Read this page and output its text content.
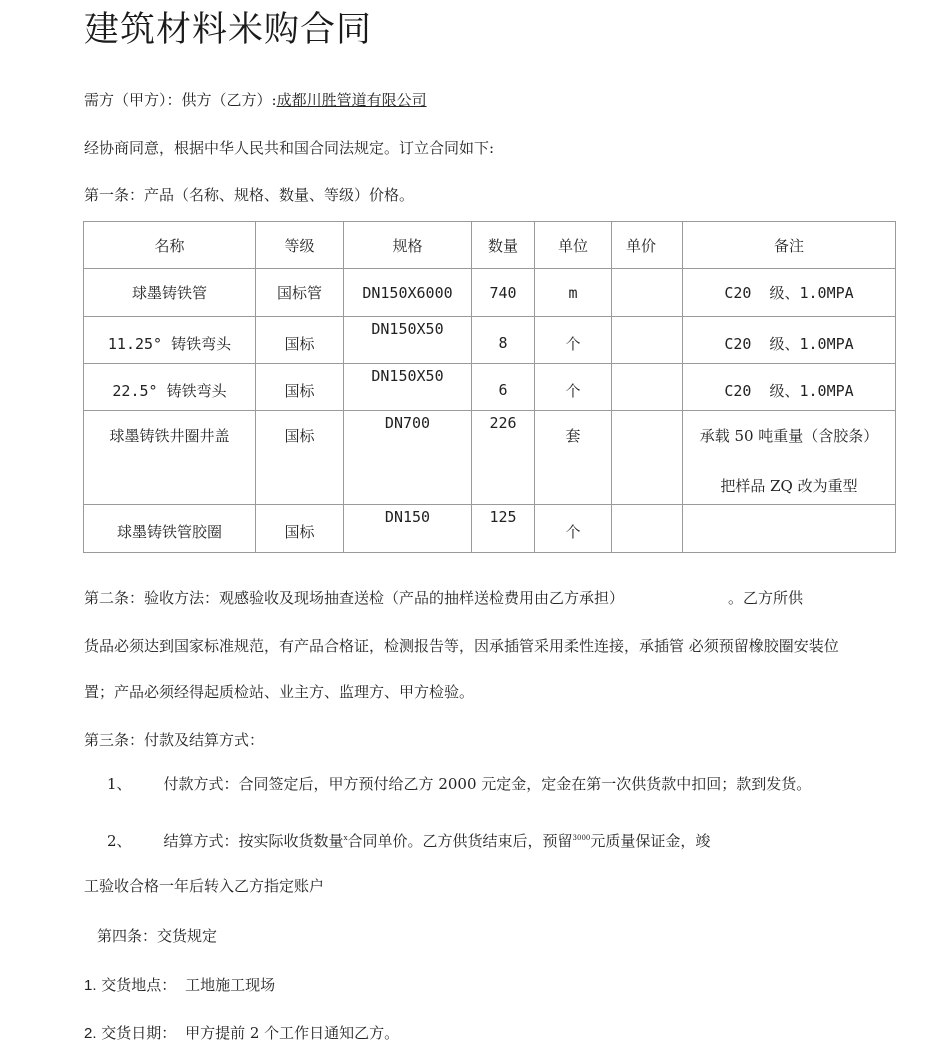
建筑材料米购合同
需方（甲方）：供方（乙方）:成都川胜管道有限公司
经协商同意，根据中华人民共和国合同法规定。订立合同如下:
第一条：产品（名称、规格、数量、等级）价格。
名称	等级	规格	数量	单位	单价	备注
球墨铸铁管	国标管	DN150X6000	740	m		C20  级、1.0MPA
11.25° 铸铁弯头	国标	DN150X50	8	个		C20  级、1.0MPA
22.5° 铸铁弯头	国标	DN150X50	6	个		C20  级、1.0MPA
球墨铸铁井圈井盖	国标	DN700	226	套		承载 50 吨重量（含胶条）
把样品 ZQ 改为重型

球墨铸铁管胶圈	国标	DN150	125	个		
第二条：验收方法：观感验收及现场抽查送检（产品的抽样送检费用由乙方承担）	。乙方所供
货品必须达到国家标准规范，有产品合格证，检测报告等，因承插管采用柔性连接，承插管 必须预留橡胶圈安装位
置；产品必须经得起质检站、业主方、监理方、甲方检验。
第三条：付款及结算方式：
1、 付款方式：合同签定后，甲方预付给乙方 2000 元定金，定金在第一次供货款中扣回；款到发货。
2、 结算方式：按实际收货数量$^x$合同单价。乙方供货结束后，预留$^{3000}$元质量保证金，竣
工验收合格一年后转入乙方指定账户
第四条：交货规定
1. 交货地点： 工地施工现场
2. 交货日期： 甲方提前 2 个工作日通知乙方。
